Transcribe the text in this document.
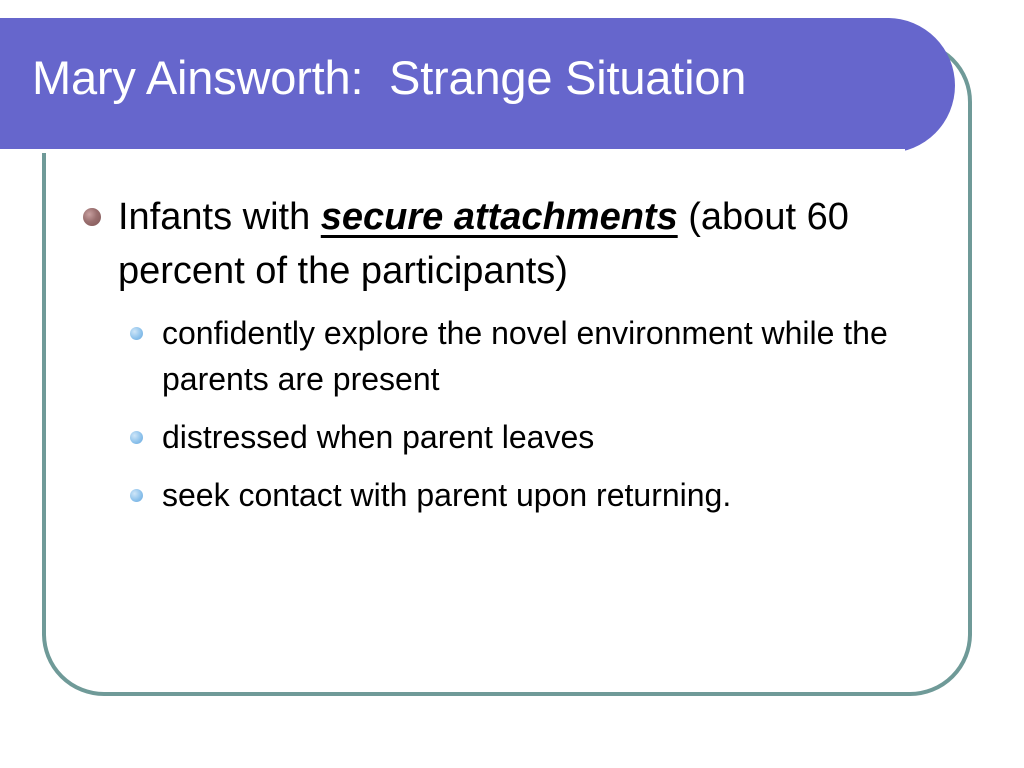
Mary Ainsworth:  Strange Situation
Infants with secure attachments (about 60 percent of the participants)
confidently explore the novel environment while the parents are present
distressed when parent leaves
seek contact with parent upon returning.
